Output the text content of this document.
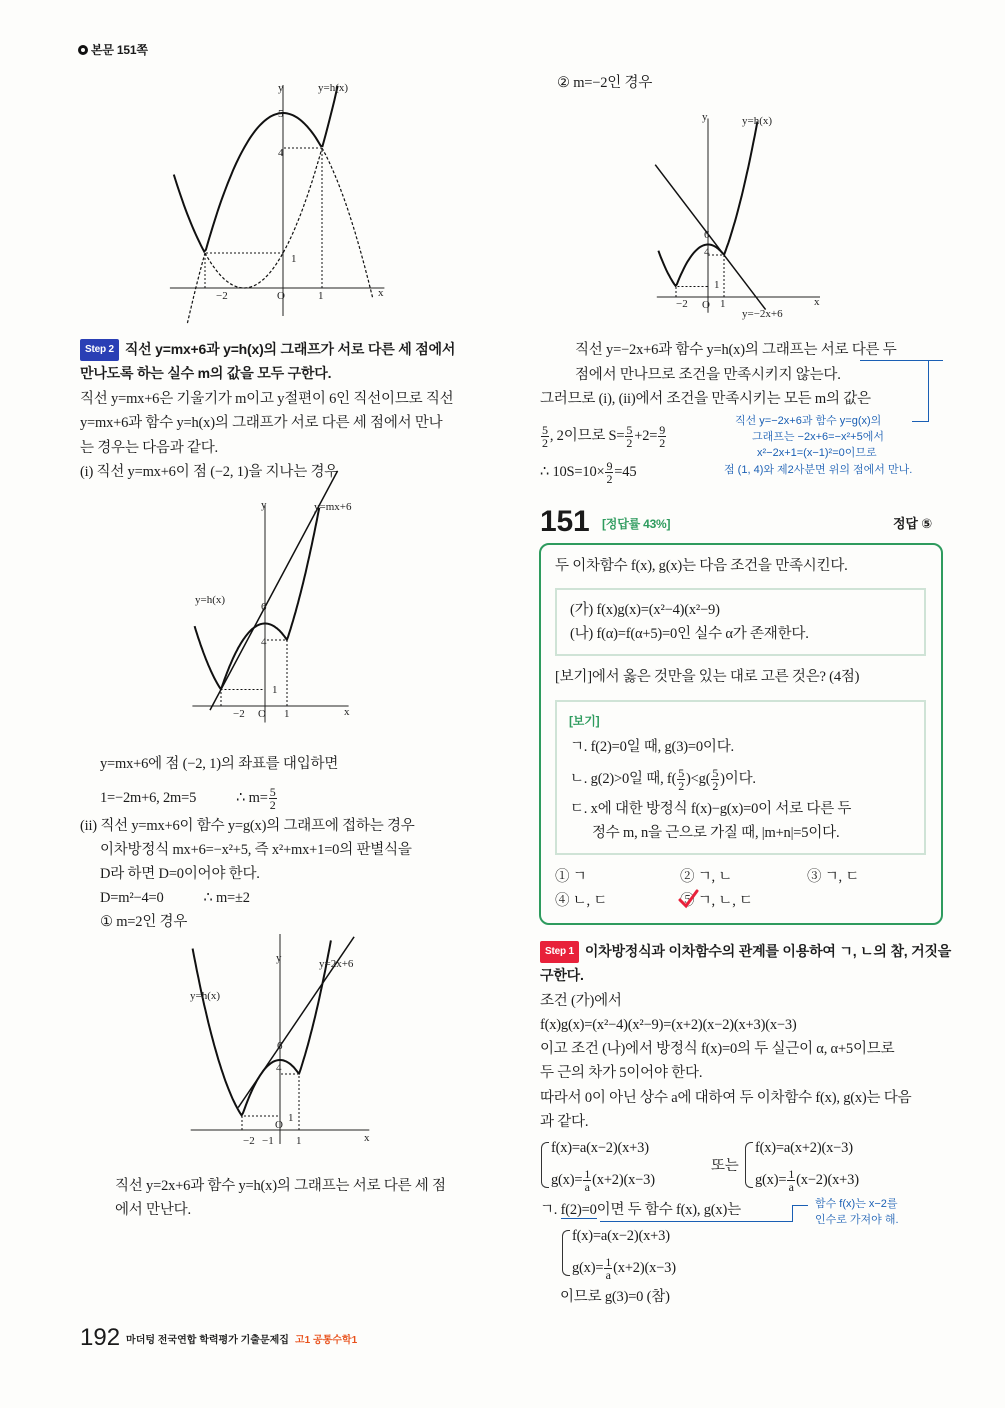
본문 151쪽
y	y=h(x)
5
4
1
−2	O	1	x
y	y=h(x)
6
4
1
−2 O 1	x
y=−2x+6
y	y=mx+6
y=h(x)
6
4
1
−2 O 1	x
y	y=2x+6
y=h(x)
6
4
1
−2 −1
O
1	x
Step 2 직선 y=mx+6과 y=h(x)의 그래프가 서로 다른 세 점에서
만나도록 하는 실수 m의 값을 모두 구한다.
직선 y=mx+6은 기울기가 m이고 y절편이 6인 직선이므로 직선
y=mx+6과 함수 y=h(x)의 그래프가 서로 다른 세 점에서 만나
는 경우는 다음과 같다.
(i) 직선 y=mx+6이 점 (−2, 1)을 지나는 경우
y=mx+6에 점 (−2, 1)의 좌표를 대입하면
1=−2m+6, 2m=5	∴ $m= \frac{5}{2}$
(ii) 직선 y=mx+6이 함수 y=g(x)의 그래프에 접하는 경우
이차방정식 mx+6=−x²+5, 즉 x²+mx+1=0의 판별식을
D라 하면 D=0이어야 한다.
D=m²−4=0	∴ m=±2
① m=2인 경우
직선 y=2x+6과 함수 y=h(x)의 그래프는 서로 다른 세 점
에서 만난다.
② m=−2인 경우
직선 y=−2x+6과 함수 y=h(x)의 그래프는 서로 다른 두
점에서 만나므로 조건을 만족시키지 않는다.
그러므로 (i), (ii)에서 조건을 만족시키는 모든 m의 값은
$\frac{5}{2}$ , 2이므로 $S= \frac{5}{2} +2= \frac{9}{2}$
∴ $10S=10\times \frac{9}{2} =45$
직선 y=−2x+6과 함수 y=g(x)의
그래프는 −2x+6=−x²+5에서
x²−2x+1=(x−1)²=0이므로
점 (1, 4)와 제2사분면 위의 점에서 만나.
151 [정답률 43%]	정답 ⑤
두 이차함수 f(x), g(x)는 다음 조건을 만족시킨다.
(가) f(x)g(x)=(x²−4)(x²−9)
(나) f(α)=f(α+5)=0인 실수 α가 존재한다.
[보기]에서 옳은 것만을 있는 대로 고른 것은? (4점)
[보기]
ㄱ. f(2)=0일 때, g(3)=0이다.
ㄴ. g(2)>0일 때, $f( \frac{5}{2} )<g( \frac{5}{2}$ )이다.
ㄷ. x에 대한 방정식 f(x)−g(x)=0이 서로 다른 두
정수 m, n을 근으로 가질 때, |m+n|=5이다.
① ㄱ	② ㄱ, ㄴ	③ ㄱ, ㄷ
④ ㄴ, ㄷ	⑤ ㄱ, ㄴ, ㄷ
Step 1 이차방정식과 이차함수의 관계를 이용하여 ㄱ, ㄴ의 참, 거짓을
구한다.
조건 (가)에서
f(x)g(x)=(x²−4)(x²−9)=(x+2)(x−2)(x+3)(x−3)
이고 조건 (나)에서 방정식 f(x)=0의 두 실근이 α, α+5이므로
두 근의 차가 5이어야 한다.
따라서 0이 아닌 상수 a에 대하여 두 이차함수 f(x), g(x)는 다음
과 같다.
f(x)=a(x−2)(x+3)
$g(x)= \frac{1}{a} (x+2)(x-3)$
또는
f(x)=a(x+2)(x−3)
$g(x)= \frac{1}{a} (x-2)(x+3)$
ㄱ. f(2)=0이면 두 함수 f(x), g(x)는	함수 f(x)는 x−2를
인수로 가져야 해.
f(x)=a(x−2)(x+3)
$g(x)= \frac{1}{a} (x+2)(x-3)$
이므로 g(3)=0 (참)
192 마더텅 전국연합 학력평가 기출문제집 고1 공통수학1
